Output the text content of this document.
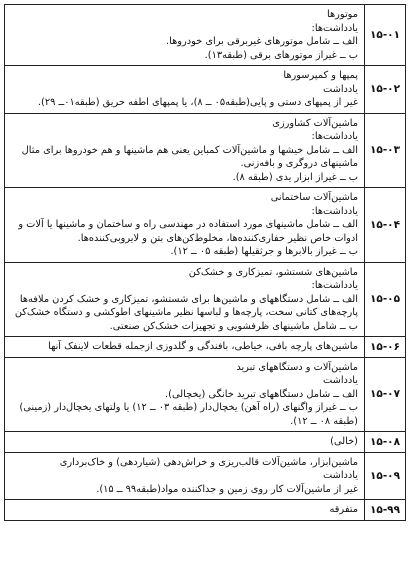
موتورها
یادداشت‌ها:
الف ــ شامل موتورهای غیربرقی برای خودروها.
ب ــ غیراز موتورهای برقی (طبقه۱۳).	۱۵-۰۱

پمپها و کمپرسورها
یادداشت
غیر از پمپهای دستی و پایی(طبقه۰۵ ــ ۸)، یا پمپهای اطفه حریق (طبقه۰۱ــ ۲۹).	۱۵-۰۲

ماشین‌آلات کشاورزی
یادداشت‌ها:
الف ــ شامل خیشها و ماشین‌آلات کمباین یعنی هم ماشینها و هم خودروها برای مثال
ماشینهای دروگری و بافه‌زنی.
ب ــ غیراز ابزار یدی (طبقه ۸).	۱۵-۰۳

ماشین‌آلات ساختمانی
یادداشت‌ها:
الف ــ شامل ماشینهای مورد استفاده در مهندسی راه و ساختمان و ماشینها یا آلات و
ادوات خاص نظیر حفاری‌کننده‌ها، مخلوط‌کن‌های بتن و لایروبی‌کننده‌ها.
ب ــ غیراز بالابرها و جرثقیلها (طبقه ۰۵ ــ ۱۲).	۱۵-۰۴

ماشین‌های شستشو، تمیزکاری و خشک‌کن
یادداشت‌ها:
الف ــ شامل دستگاههای و ماشین‌ها برای شستشو، تمیزکاری و خشک کردن ملافه‌ها
پارچه‌های کتانی سخت، پارچه‌ها و لباسها نظیر ماشینهای اطوکشی و دستگاه خشک‌کن
ب ــ شامل ماشینهای ظرفشویی و تجهیزات خشک‌کن صنعتی.	۱۵-۰۵

ماشین‌های پارچه بافی، خیاطی، بافندگی و گلدوزی ازجمله قطعات لاینفک آنها	۱۵-۰۶

ماشین‌آلات و دستگاههای تبرید
یادداشت
الف ــ شامل دستگاههای تبرید خانگی (یخچالی).
ب ــ غیراز واگنهای (راه آهن) یخچال‌دار (طبقه ۰۳ ــ ۱۲) یا ولتهای یخچال‌دار (زمینی)
(طبقه ۰۸ ــ ۱۲).	۱۵-۰۷

(خالی)	۱۵-۰۸

ماشین‌ابزار، ماشین‌آلات قالب‌ریزی و خراش‌دهی (شیاردهی) و خاک‌برداری
یادداشت
غیر از ماشین‌آلات کار روی زمین و جداکننده مواد(طبقه۹۹ ــ ۱۵).	۱۵-۰۹

متفرقه	۱۵-۹۹
